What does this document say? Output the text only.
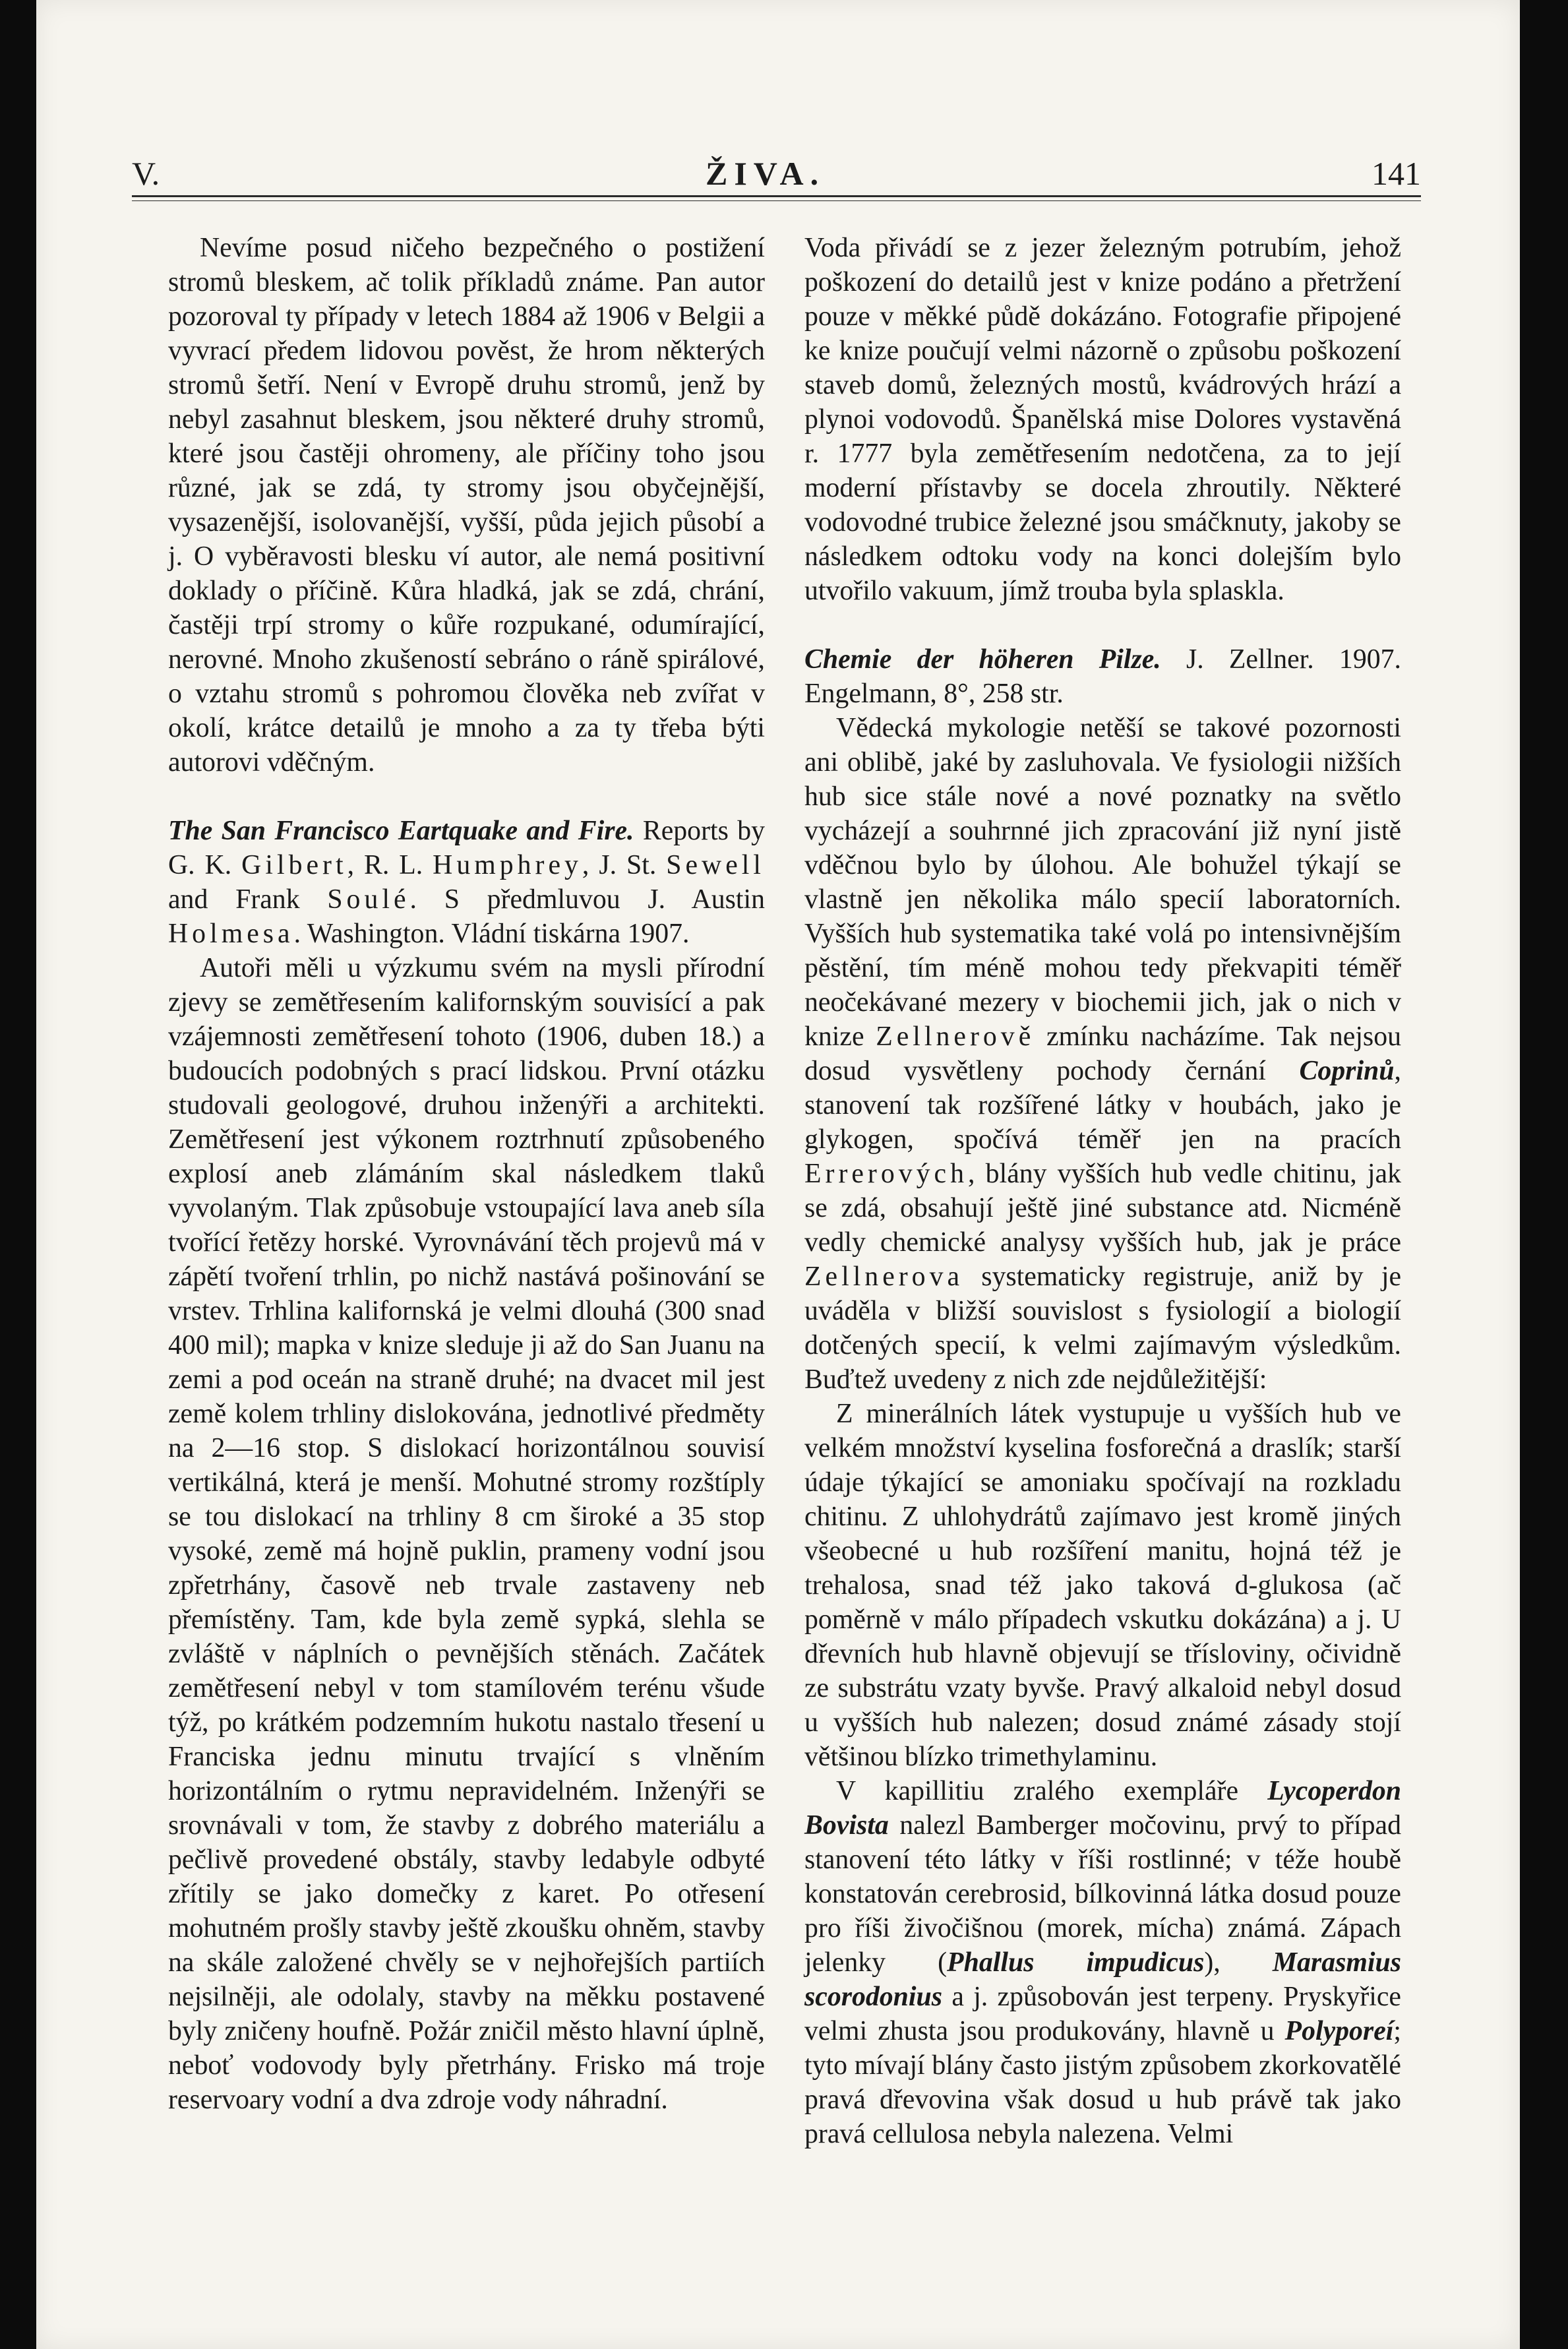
V.	ŽIVA.	141

Nevíme posud ničeho bezpečného o postižení stromů bleskem, ač tolik příkladů známe. Pan autor pozoroval ty případy v letech 1884 až 1906 v Belgii a vyvrací předem lidovou pověst, že hrom některých stromů šetří. Není v Evropě druhu stromů, jenž by nebyl zasahnut bleskem, jsou některé druhy stromů, které jsou častěji ohromeny, ale příčiny toho jsou různé, jak se zdá, ty stromy jsou obyčejnější, vysazenější, isolovanější, vyšší, půda jejich působí a j. O vyběravosti blesku ví autor, ale nemá positivní doklady o příčině. Kůra hladká, jak se zdá, chrání, častěji trpí stromy o kůře rozpukané, odumírající, nerovné. Mnoho zkušeností sebráno o ráně spirálové, o vztahu stromů s pohromou člověka neb zvířat v okolí, krátce detailů je mnoho a za ty třeba býti autorovi vděčným.

The San Francisco Eartquake and Fire. Reports by G. K. Gilbert, R. L. Humphrey, J. St. Sewell and Frank Soulé. S předmluvou J. Austin Holmesa. Washington. Vládní tiskárna 1907.

Autoři měli u výzkumu svém na mysli přírodní zjevy se zemětřesením kalifornským souvisící a pak vzájemnosti zemětřesení tohoto (1906, duben 18.) a budoucích podobných s prací lidskou. První otázku studovali geologové, druhou inženýři a architekti. Zemětřesení jest výkonem roztrhnutí způsobeného explosí aneb zlámáním skal následkem tlaků vyvolaným. Tlak způsobuje vstoupající lava aneb síla tvořící řetězy horské. Vyrovnávání těch projevů má v zápětí tvoření trhlin, po nichž nastává pošinování se vrstev. Trhlina kalifornská je velmi dlouhá (300 snad 400 mil); mapka v knize sleduje ji až do San Juanu na zemi a pod oceán na straně druhé; na dvacet mil jest země kolem trhliny dislokována, jednotlivé předměty na 2—16 stop. S dislokací horizontálnou souvisí vertikálná, která je menší. Mohutné stromy rozštíply se tou dislokací na trhliny 8 cm široké a 35 stop vysoké, země má hojně puklin, prameny vodní jsou zpřetrhány, časově neb trvale zastaveny neb přemístěny. Tam, kde byla země sypká, slehla se zvláště v náplních o pevnějších stěnách. Začátek zemětřesení nebyl v tom stamílovém terénu všude týž, po krátkém podzemním hukotu nastalo třesení u Franciska jednu minutu trvající s vlněním horizontálním o rytmu nepravidelném. Inženýři se srovnávali v tom, že stavby z dobrého materiálu a pečlivě provedené obstály, stavby ledabyle odbyté zřítily se jako domečky z karet. Po otřesení mohutném prošly stavby ještě zkoušku ohněm, stavby na skále založené chvěly se v nejhořejších partiích nejsilněji, ale odolaly, stavby na měkku postavené byly zničeny houfně. Požár zničil město hlavní úplně, neboť vodovody byly přetrhány. Frisko má troje reservoary vodní a dva zdroje vody náhradní.

Voda přivádí se z jezer železným potrubím, jehož poškození do detailů jest v knize podáno a přetržení pouze v měkké půdě dokázáno. Fotografie připojené ke knize poučují velmi názorně o způsobu poškození staveb domů, železných mostů, kvádrových hrází a plynoi vodovodů. Španělská mise Dolores vystavěná r. 1777 byla zemětřesením nedotčena, za to její moderní přístavby se docela zhroutily. Některé vodovodné trubice železné jsou smáčknuty, jakoby se následkem odtoku vody na konci dolejším bylo utvořilo vakuum, jímž trouba byla splaskla.

Chemie der höheren Pilze. J. Zellner. 1907. Engelmann, 8°, 258 str.

Vědecká mykologie netěší se takové pozornosti ani oblibě, jaké by zasluhovala. Ve fysiologii nižších hub sice stále nové a nové poznatky na světlo vycházejí a souhrnné jich zpracování již nyní jistě vděčnou bylo by úlohou. Ale bohužel týkají se vlastně jen několika málo specií laboratorních. Vyšších hub systematika také volá po intensivnějším pěstění, tím méně mohou tedy překvapiti téměř neočekávané mezery v biochemii jich, jak o nich v knize Zellnerově zmínku nacházíme. Tak nejsou dosud vysvětleny pochody černání Coprinů, stanovení tak rozšířené látky v houbách, jako je glykogen, spočívá téměř jen na pracích Errerových, blány vyšších hub vedle chitinu, jak se zdá, obsahují ještě jiné substance atd. Nicméně vedly chemické analysy vyšších hub, jak je práce Zellnerova systematicky registruje, aniž by je uváděla v bližší souvislost s fysiologií a biologií dotčených specií, k velmi zajímavým výsledkům. Buďtež uvedeny z nich zde nejdůležitější:

Z minerálních látek vystupuje u vyšších hub ve velkém množství kyselina fosforečná a draslík; starší údaje týkající se amoniaku spočívají na rozkladu chitinu. Z uhlohydrátů zajímavo jest kromě jiných všeobecné u hub rozšíření manitu, hojná též je trehalosa, snad též jako taková d-glukosa (ač poměrně v málo případech vskutku dokázána) a j. U dřevních hub hlavně objevují se třísloviny, očividně ze substrátu vzaty byvše. Pravý alkaloid nebyl dosud u vyšších hub nalezen; dosud známé zásady stojí většinou blízko trimethylaminu.

V kapillitiu zralého exempláře Lycoperdon Bovista nalezl Bamberger močovinu, prvý to případ stanovení této látky v říši rostlinné; v téže houbě konstatován cerebrosid, bílkovinná látka dosud pouze pro říši živočišnou (morek, mícha) známá. Zápach jelenky (Phallus impudicus), Marasmius scorodonius a j. způsobován jest terpeny. Pryskyřice velmi zhusta jsou produkovány, hlavně u Polyporeí; tyto mívají blány často jistým způsobem zkorkovatělé pravá dřevovina však dosud u hub právě tak jako pravá cellulosa nebyla nalezena. Velmi
